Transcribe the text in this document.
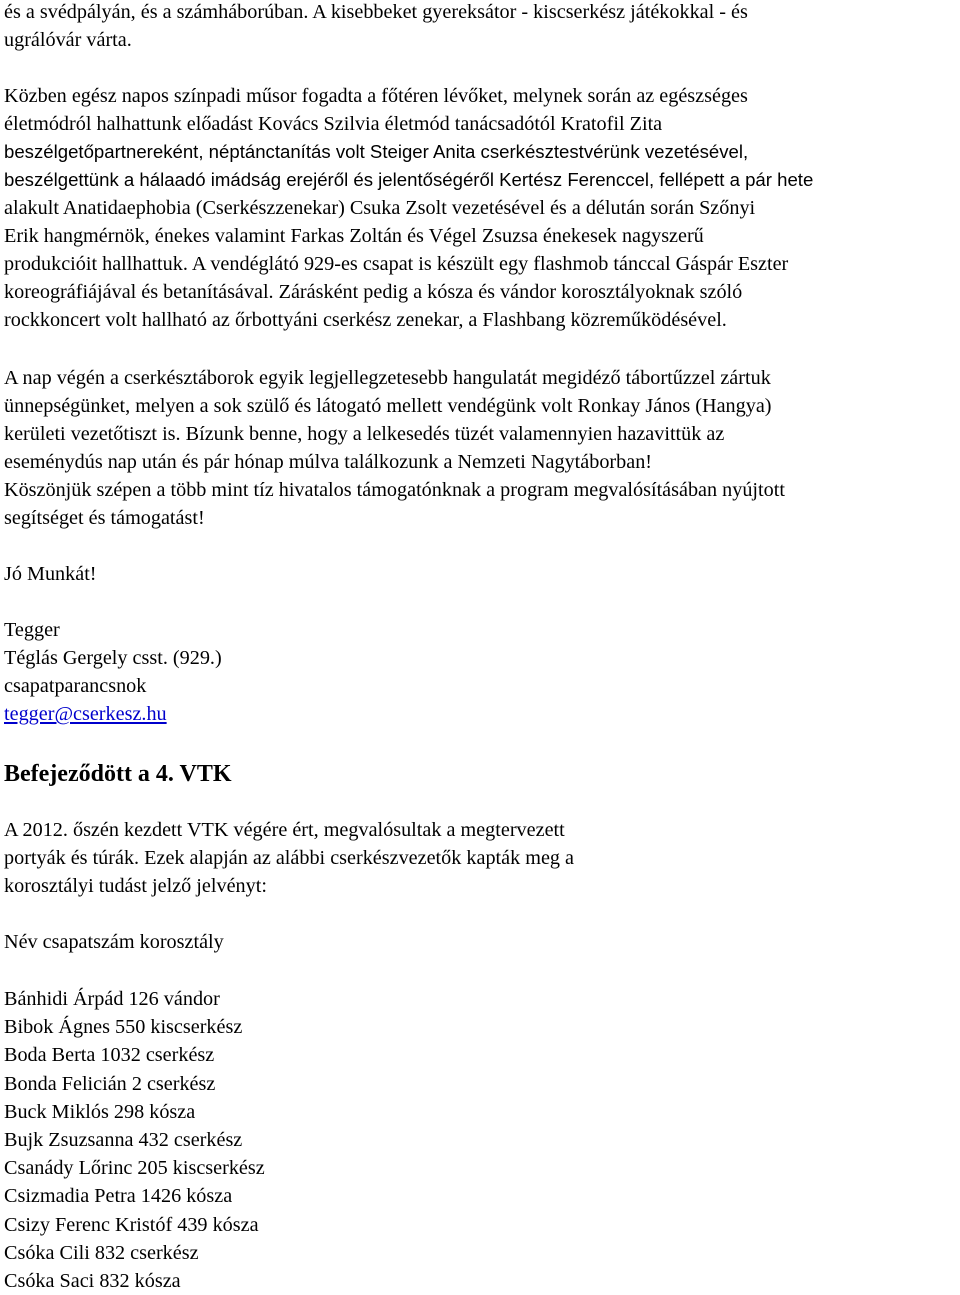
és a svédpályán, és a számháborúban. A kisebbeket gyereksátor - kiscserkész játékokkal - és
ugrálóvár várta.
Közben egész napos színpadi műsor fogadta a főtéren lévőket, melynek során az egészséges
életmódról halhattunk előadást Kovács Szilvia életmód tanácsadótól Kratofil Zita
beszélgetőpartnereként, néptánctanítás volt Steiger Anita cserkésztestvérünk vezetésével,
beszélgettünk a hálaadó imádság erejéről és jelentőségéről Kertész Ferenccel, fellépett a pár hete
alakult Anatidaephobia (Cserkészzenekar) Csuka Zsolt vezetésével és a délután során Szőnyi
Erik hangmérnök, énekes valamint Farkas Zoltán és Végel Zsuzsa énekesek nagyszerű
produkcióit hallhattuk. A vendéglátó 929-es csapat is készült egy flashmob tánccal Gáspár Eszter
koreográfiájával és betanításával. Zárásként pedig a kósza és vándor korosztályoknak szóló
rockkoncert volt hallható az őrbottyáni cserkész zenekar, a Flashbang közreműködésével.
A nap végén a cserkésztáborok egyik legjellegzetesebb hangulatát megidéző tábortűzzel zártuk
ünnepségünket, melyen a sok szülő és látogató mellett vendégünk volt Ronkay János (Hangya)
kerületi vezetőtiszt is. Bízunk benne, hogy a lelkesedés tüzét valamennyien hazavittük az
eseménydús nap után és pár hónap múlva találkozunk a Nemzeti Nagytáborban!
Köszönjük szépen a több mint tíz hivatalos támogatónknak a program megvalósításában nyújtott
segítséget és támogatást!
Jó Munkát!
Tegger
Téglás Gergely csst. (929.)
csapatparancsnok
tegger@cserkesz.hu
Befejeződött a 4. VTK
A 2012. őszén kezdett VTK végére ért, megvalósultak a megtervezett
portyák és túrák. Ezek alapján az alábbi cserkészvezetők kapták meg a
korosztályi tudást jelző jelvényt:
Név csapatszám korosztály
Bánhidi Árpád 126 vándor
Bibok Ágnes 550 kiscserkész
Boda Berta 1032 cserkész
Bonda Felicián 2 cserkész
Buck Miklós 298 kósza
Bujk Zsuzsanna 432 cserkész
Csanády Lőrinc 205 kiscserkész
Csizmadia Petra 1426 kósza
Csizy Ferenc Kristóf 439 kósza
Csóka Cili 832 cserkész
Csóka Saci 832 kósza
